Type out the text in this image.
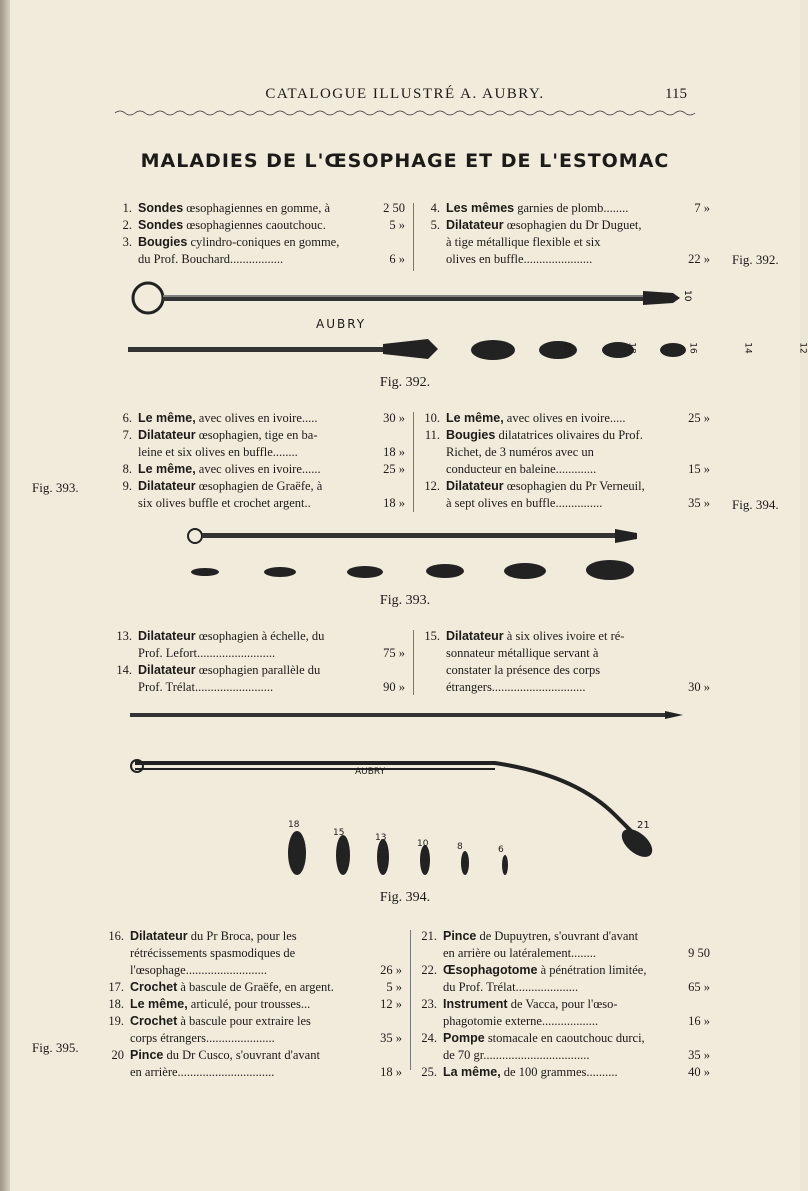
CATALOGUE ILLUSTRÉ A. AUBRY.	115
MALADIES DE L'ŒSOPHAGE ET DE L'ESTOMAC
1. Sondes œsophagiennes en gomme, à	2 50
2. Sondes œsophagiennes caoutchouc.	5 »
3. Bougies cylindro-coniques en gomme,
du Prof. Bouchard.................	6 »
4. Les mêmes garnies de plomb........	7 »
5. Dilatateur œsophagien du Dr Duguet,
à tige métallique flexible et six
olives en buffle......................	22 » Fig. 392.
10
AUBRY
Fig. 392.
6. Le même, avec olives en ivoire.....	30 »
7. Dilatateur œsophagien, tige en ba-
leine et six olives en buffle........	18 »
8. Le même, avec olives en ivoire......	25 »
9. Dilatateur œsophagien de Graëfe, à
six olives buffle et crochet argent..	18 »
10. Le même, avec olives en ivoire.....	25 »
11. Bougies dilatatrices olivaires du Prof.
Richet, de 3 numéros avec un
conducteur en baleine.............	15 »
12. Dilatateur œsophagien du Pr Verneuil,
à sept olives en buffle...............	35 »
Fig. 393.
Fig. 394.
Fig. 393.
13. Dilatateur œsophagien à échelle, du
Prof. Lefort.........................	75 »
14. Dilatateur œsophagien parallèle du
Prof. Trélat.........................	90 »
15. Dilatateur à six olives ivoire et ré-
sonnateur métallique servant à
constater la présence des corps
étrangers..............................	30 »
AUBRY
18
15	13
10	8	6
21
Fig. 394.
16. Dilatateur du Pr Broca, pour les
rétrécissements spasmodiques de
l'œsophage..........................	26 »
17. Crochet à bascule de Graëfe, en argent.	5 »
18. Le même, articulé, pour trousses...	12 »
19. Crochet à bascule pour extraire les
corps étrangers......................	35 »
20 Pince du Dr Cusco, s'ouvrant d'avant
en arrière...............................	18 »
21. Pince de Dupuytren, s'ouvrant d'avant
en arrière ou latéralement........	9 50
22. Œsophagotome à pénétration limitée,
du Prof. Trélat....................	65 »
23. Instrument de Vacca, pour l'œso-
phagotomie externe..................	16 »
24. Pompe stomacale en caoutchouc durci,
de 70 gr..................................	35 »
25. La même, de 100 grammes..........	40 »
Fig. 395.
20	18	16	14	12
